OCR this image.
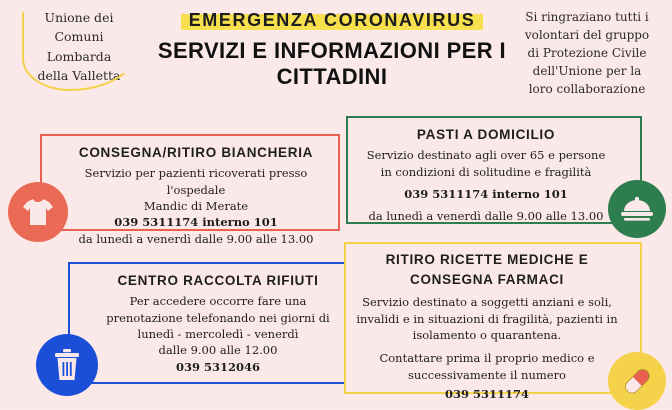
Unione dei
Comuni
Lombarda
della Valletta
Si ringraziano tutti i
volontari del gruppo
di Protezione Civile
dell'Unione per la
loro collaborazione
EMERGENZA CORONAVIRUS
SERVIZI E INFORMAZIONI PER I CITTADINI
CONSEGNA/RITIRO BIANCHERIA

Servizio per pazienti ricoverati presso l'ospedale

Mandic di Merate

039 5311174 interno 101

da lunedì a venerdì dalle 9.00 alle 13.00

PASTI A DOMICILIO

Servizio destinato agli over 65 e persone

in condizioni di solitudine e fragilità

039 5311174 interno 101

da lunedì a venerdì dalle 9.00 alle 13.00

CENTRO RACCOLTA RIFIUTI

Per accedere occorre fare una

prenotazione telefonando nei giorni di

lunedì - mercoledì - venerdì

dalle 9.00 alle 12.00

039 5312046

RITIRO RICETTE MEDICHE E
CONSEGNA FARMACI

Servizio destinato a soggetti anziani e soli,

invalidi e in situazioni di fragilità, pazienti in

isolamento o quarantena.

Contattare prima il proprio medico e

successivamente il numero

039 5311174
